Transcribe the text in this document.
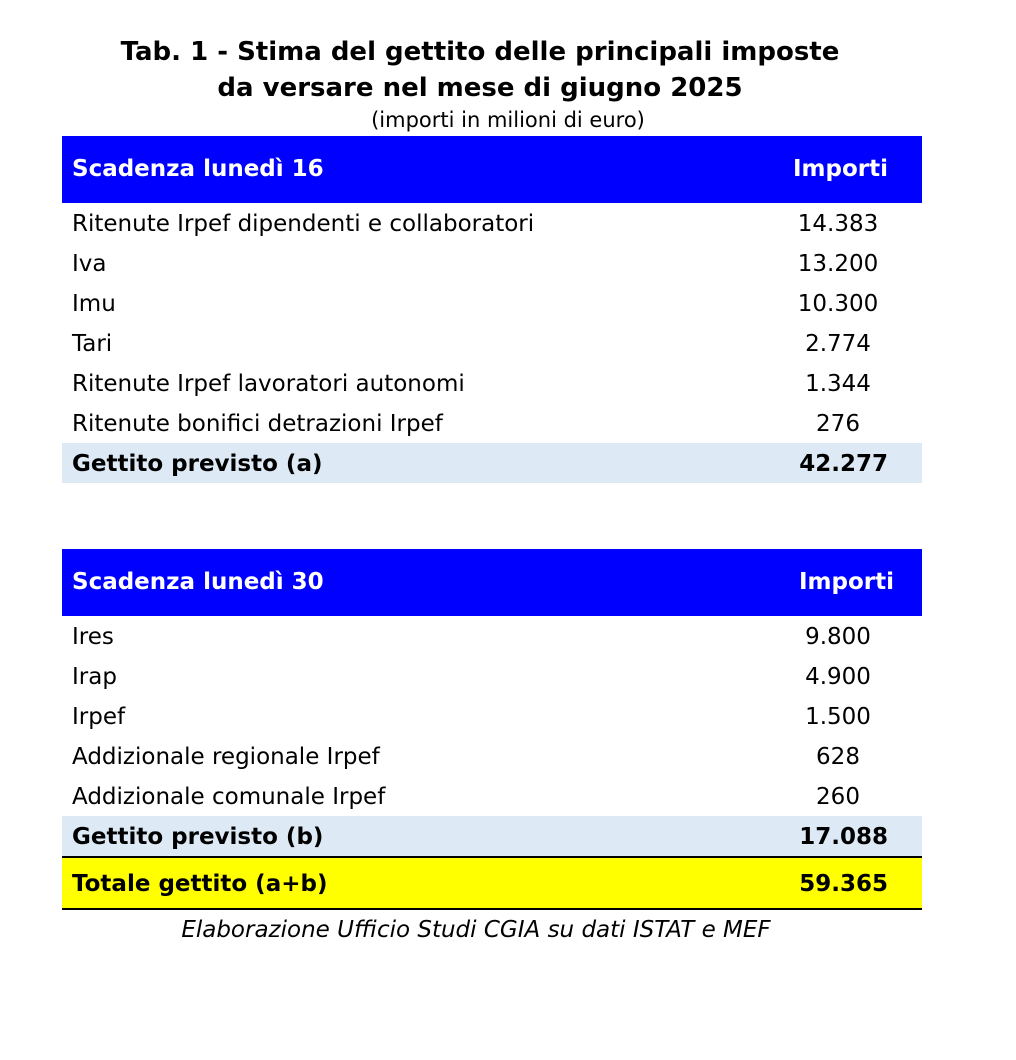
Tab. 1 - Stima del gettito delle principali imposte
da versare nel mese di giugno 2025
(importi in milioni di euro)
Scadenza lunedì 16	Importi
Ritenute Irpef dipendenti e collaboratori	14.383
Iva	13.200
Imu	10.300
Tari	2.774
Ritenute Irpef lavoratori autonomi	1.344
Ritenute bonifici detrazioni Irpef	276
Gettito previsto (a)	42.277
Scadenza lunedì 30	Importi
Ires	9.800
Irap	4.900
Irpef	1.500
Addizionale regionale Irpef	628
Addizionale comunale Irpef	260
Gettito previsto (b)	17.088
Totale gettito (a+b)	59.365
Elaborazione Ufficio Studi CGIA su dati ISTAT e MEF
